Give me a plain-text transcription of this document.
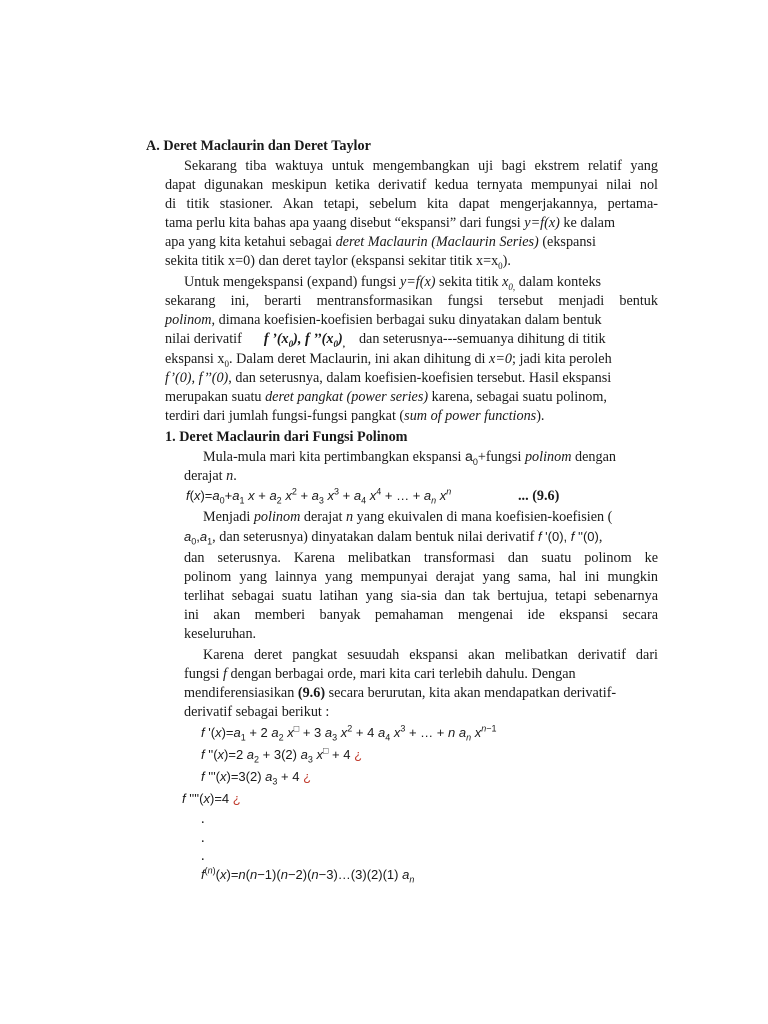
A. Deret Maclaurin dan Deret Taylor
Sekarang tiba waktuya untuk mengembangkan uji bagi ekstrem relatif yang
dapat digunakan meskipun ketika derivatif kedua ternyata mempunyai nilai nol
di titik stasioner. Akan tetapi, sebelum kita dapat mengerjakannya, pertama-
tama perlu kita bahas apa yaang disebut “ekspansi” dari fungsi y=f(x) ke dalam
apa yang kita ketahui sebagai deret Maclaurin (Maclaurin Series) (ekspansi
sekita titik x=0) dan deret taylor (ekspansi sekitar titik $x=x_0$).
Untuk mengekspansi (expand) fungsi y=f(x) sekita titik $x_{0,}$ dalam konteks
sekarang ini, berarti mentransformasikan fungsi tersebut menjadi bentuk
polinom, dimana koefisien-koefisien berbagai suku dinyatakan dalam bentuk
nilai derivatif f $’(x_0)$, f $’’(x_0)_,$ dan seterusnya---semuanya dihitung di titik
ekspansi $x_0$. Dalam deret Maclaurin, ini akan dihitung di x=0; jadi kita peroleh
f’(0), f’’(0), dan seterusnya, dalam koefisien-koefisien tersebut. Hasil ekspansi
merupakan suatu deret pangkat (power series) karena, sebagai suatu polinom,
terdiri dari jumlah fungsi-fungsi pangkat (sum of power functions).
1. Deret Maclaurin dari Fungsi Polinom
Mula-mula mari kita pertimbangkan ekspansi $a_0+fungsi$ polinom dengan
derajat n.
$f(x)=a_0+a_1$ $x + a_2$ $x^2 + a_3$ $x^3 + a_4$ $x^4$ + … + $a_n$ $x^n$	... (9.6)
Menjadi polinom derajat n yang ekuivalen di mana koefisien-koefisien (
$a_0,a_1$, dan seterusnya) dinyatakan dalam bentuk nilai derivatif f '(0), f ''(0),
dan seterusnya. Karena melibatkan transformasi dan suatu polinom ke
polinom yang lainnya yang mempunyai derajat yang sama, hal ini mungkin
terlihat sebagai suatu latihan yang sia-sia dan tak bertujua, tetapi sebenarnya
ini akan memberi banyak pemahaman mengenai ide ekspansi secara
keseluruhan.
Karena deret pangkat sesuudah ekspansi akan melibatkan derivatif dari
fungsi f dengan berbagai orde, mari kita cari terlebih dahulu. Dengan
mendiferensiasikan (9.6) secara berurutan, kita akan mendapatkan derivatif-
derivatif sebagai berikut :
f '$(x)=a_1 + 2$ $a_2$ x□ + 3 $a_3$ $x^2 + 4$ $a_4$ $x^3$ + … + n $a_n$ $x^{n-1}$
f ''(x)=2 $a_2 + 3(2)$ $a_3$ x□ + 4 ¿
f '''(x)=3(2) $a_3 + 4$ ¿
f ''''(x)=4 ¿
.
.
.
$f^{(n)}(x)=n(n-1)(n-2)(n-3)\dots(3)(2)(1)$ $a_n$
